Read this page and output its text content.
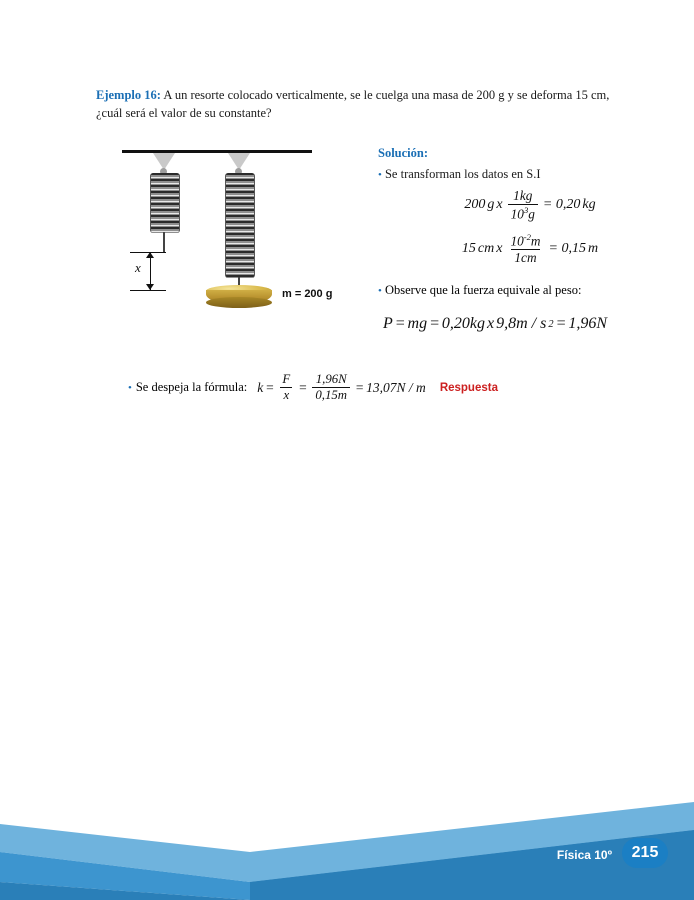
Ejemplo 16: A un resorte colocado verticalmente, se le cuelga una masa de 200 g y se deforma 15 cm, ¿cuál será el valor de su constante?
m = 200 g
x
Solución:
• Se transforman los datos en S.I
200 g x $\frac{1kg}{10^3g} = 0,20$ kg
15 cm x $\frac{10^{-2}m}{1cm} = 0,15$ m
• Observe que la fuerza equivale al peso:
P = mg = 0,20kg x 9,8m / s 2 = 1,96N
• Se despeja la fórmula: $k = \frac{F}{x} = \frac{1,96N}{0,15m} = 13,07N / m$ Respuesta
Física 10º	215
